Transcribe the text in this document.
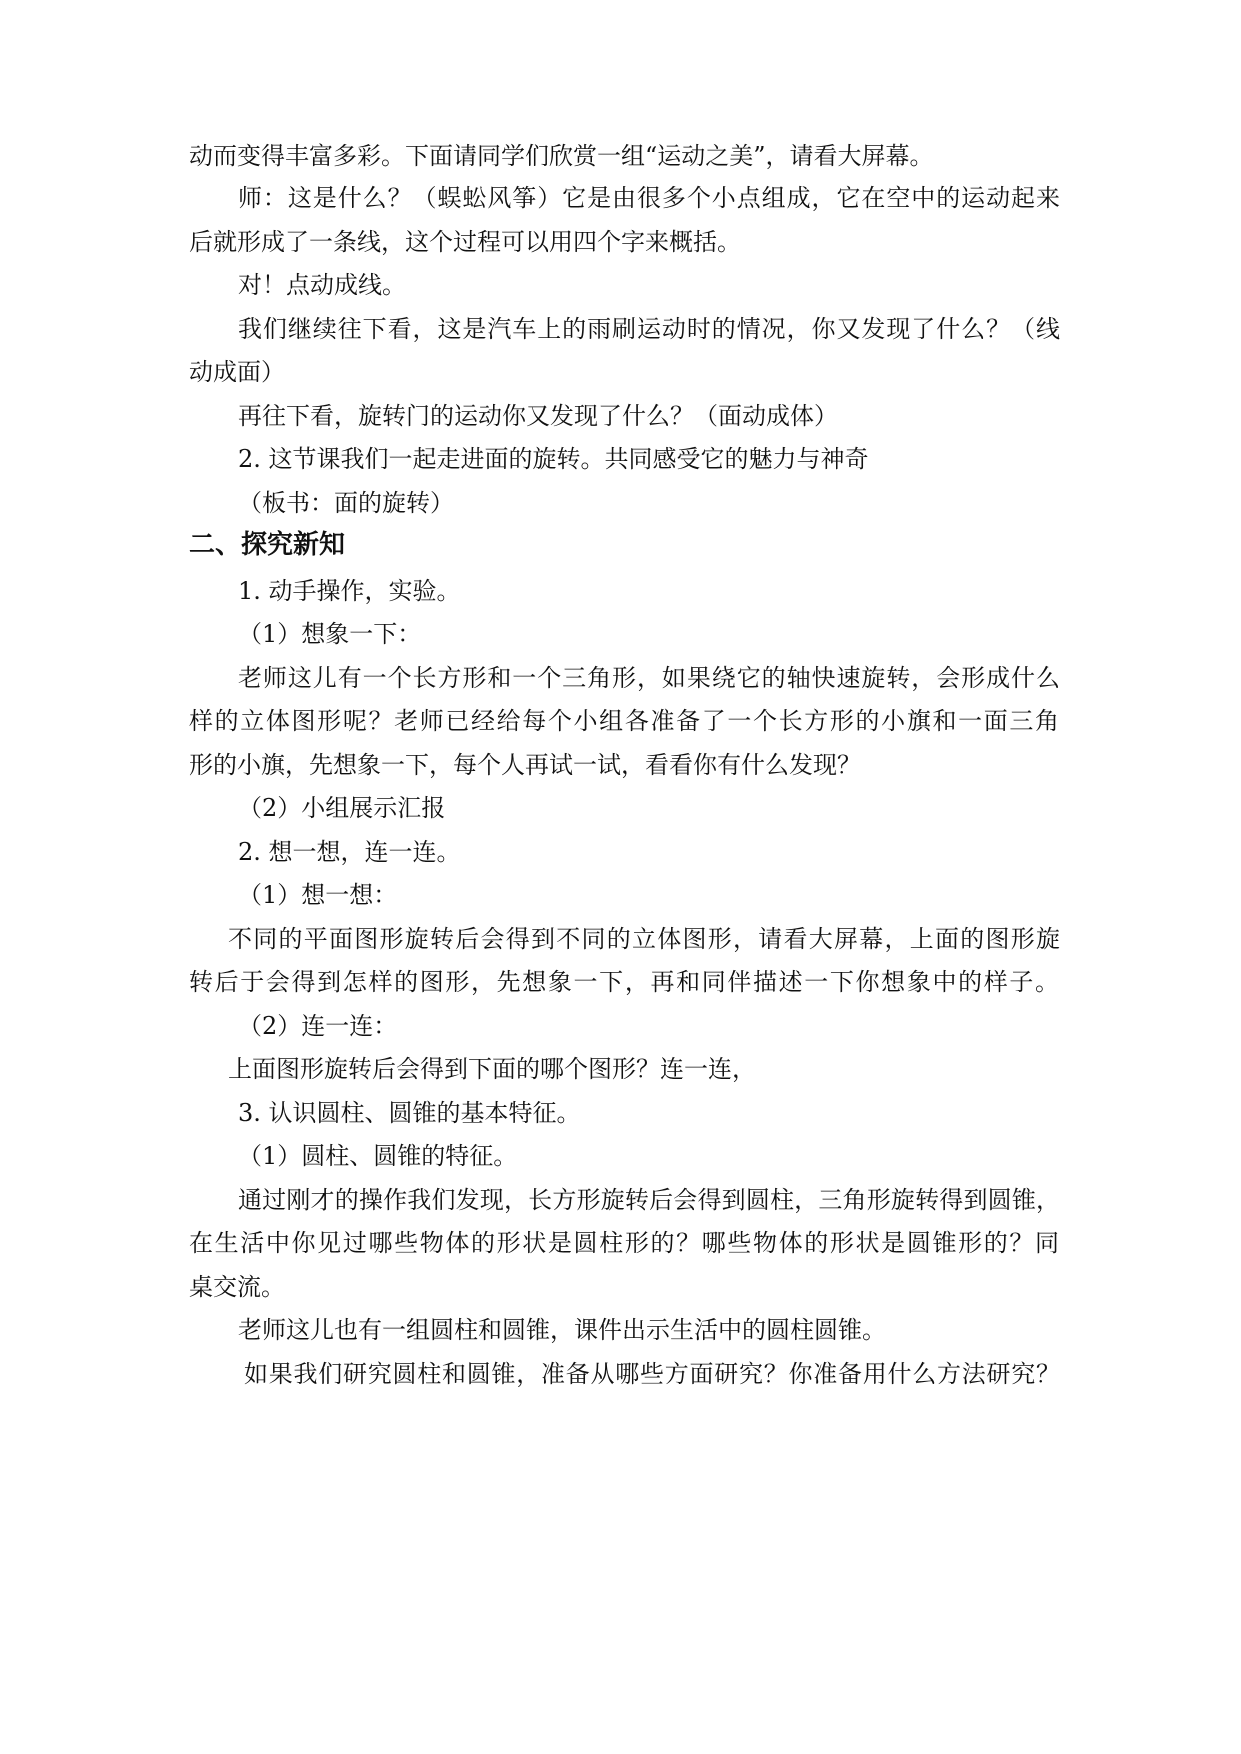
动而变得丰富多彩。下面请同学们欣赏一组“运动之美”，请看大屏幕。
师：这是什么？（蜈蚣风筝）它是由很多个小点组成，它在空中的运动起来
后就形成了一条线，这个过程可以用四个字来概括。
对！点动成线。
我们继续往下看，这是汽车上的雨刷运动时的情况，你又发现了什么？（线
动成面）
再往下看，旋转门的运动你又发现了什么？（面动成体）
2. 这节课我们一起走进面的旋转。共同感受它的魅力与神奇
（板书：面的旋转）
二、探究新知
1. 动手操作，实验。
（1）想象一下：
老师这儿有一个长方形和一个三角形，如果绕它的轴快速旋转，会形成什么
样的立体图形呢？老师已经给每个小组各准备了一个长方形的小旗和一面三角
形的小旗，先想象一下，每个人再试一试，看看你有什么发现？
（2）小组展示汇报
2. 想一想，连一连。
（1）想一想：
不同的平面图形旋转后会得到不同的立体图形，请看大屏幕，上面的图形旋
转后于会得到怎样的图形，先想象一下，再和同伴描述一下你想象中的样子。
（2）连一连：
上面图形旋转后会得到下面的哪个图形？连一连，
3. 认识圆柱、圆锥的基本特征。
（1）圆柱、圆锥的特征。
通过刚才的操作我们发现，长方形旋转后会得到圆柱，三角形旋转得到圆锥，
在生活中你见过哪些物体的形状是圆柱形的？哪些物体的形状是圆锥形的？同
桌交流。
老师这儿也有一组圆柱和圆锥，课件出示生活中的圆柱圆锥。
如果我们研究圆柱和圆锥，准备从哪些方面研究？你准备用什么方法研究？
